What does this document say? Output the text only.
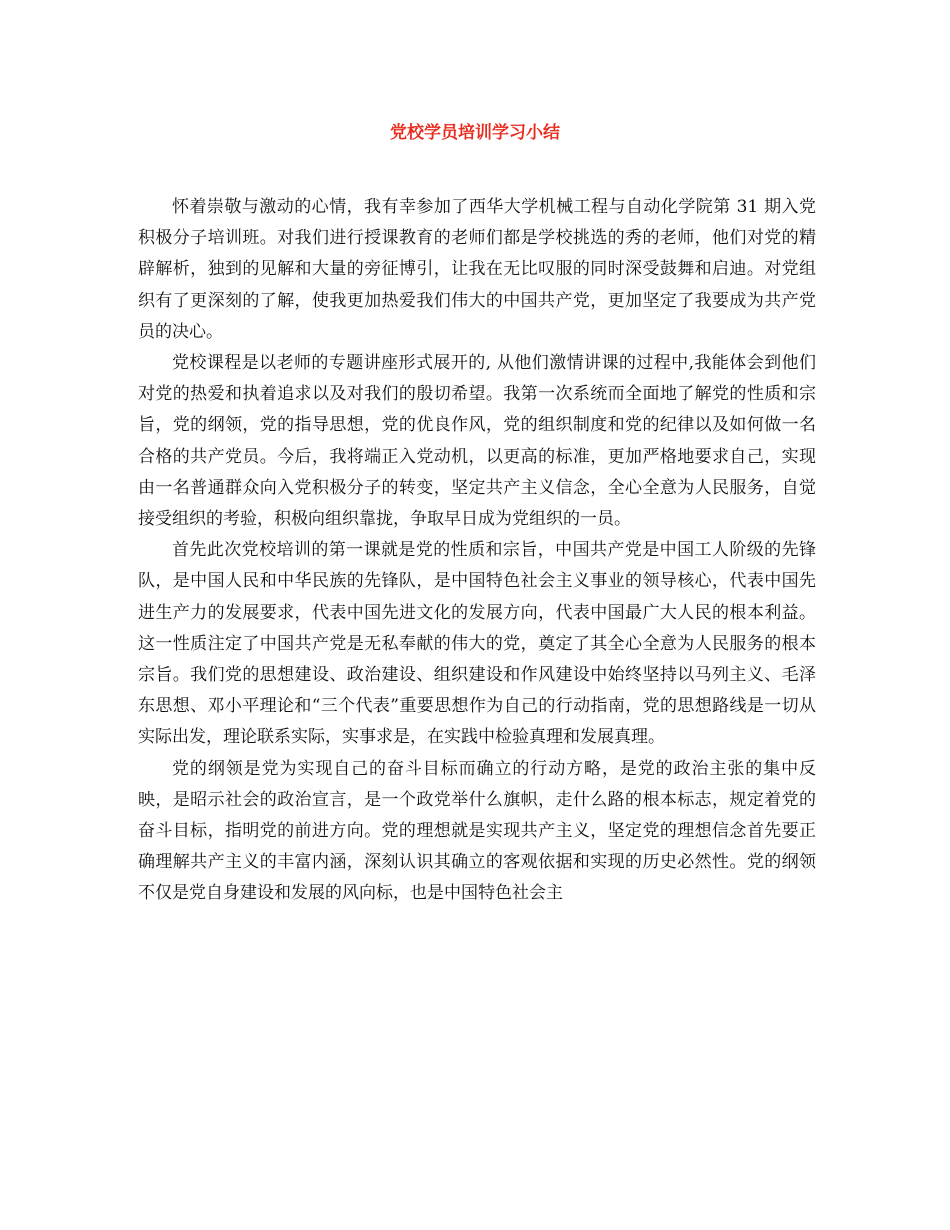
党校学员培训学习小结

怀着崇敬与激动的心情，我有幸参加了西华大学机械工程与自动化学院第 31 期入党积极分子培训班。对我们进行授课教育的老师们都是学校挑选的秀的老师，他们对党的精辟解析，独到的见解和大量的旁征博引，让我在无比叹服的同时深受鼓舞和启迪。对党组织有了更深刻的了解，使我更加热爱我们伟大的中国共产党，更加坚定了我要成为共产党员的决心。

党校课程是以老师的专题讲座形式展开的, 从他们激情讲课的过程中,我能体会到他们对党的热爱和执着追求以及对我们的殷切希望。我第一次系统而全面地了解党的性质和宗旨，党的纲领，党的指导思想，党的优良作风，党的组织制度和党的纪律以及如何做一名合格的共产党员。今后，我将端正入党动机，以更高的标准，更加严格地要求自己，实现由一名普通群众向入党积极分子的转变，坚定共产主义信念，全心全意为人民服务，自觉接受组织的考验，积极向组织靠拢，争取早日成为党组织的一员。

首先此次党校培训的第一课就是党的性质和宗旨，中国共产党是中国工人阶级的先锋队，是中国人民和中华民族的先锋队，是中国特色社会主义事业的领导核心，代表中国先进生产力的发展要求，代表中国先进文化的发展方向，代表中国最广大人民的根本利益。这一性质注定了中国共产党是无私奉献的伟大的党，奠定了其全心全意为人民服务的根本宗旨。我们党的思想建设、政治建设、组织建设和作风建设中始终坚持以马列主义、毛泽东思想、邓小平理论和“三个代表”重要思想作为自己的行动指南，党的思想路线是一切从实际出发，理论联系实际，实事求是，在实践中检验真理和发展真理。

党的纲领是党为实现自己的奋斗目标而确立的行动方略，是党的政治主张的集中反映，是昭示社会的政治宣言，是一个政党举什么旗帜，走什么路的根本标志，规定着党的奋斗目标，指明党的前进方向。党的理想就是实现共产主义，坚定党的理想信念首先要正确理解共产主义的丰富内涵，深刻认识其确立的客观依据和实现的历史必然性。党的纲领不仅是党自身建设和发展的风向标，也是中国特色社会主
